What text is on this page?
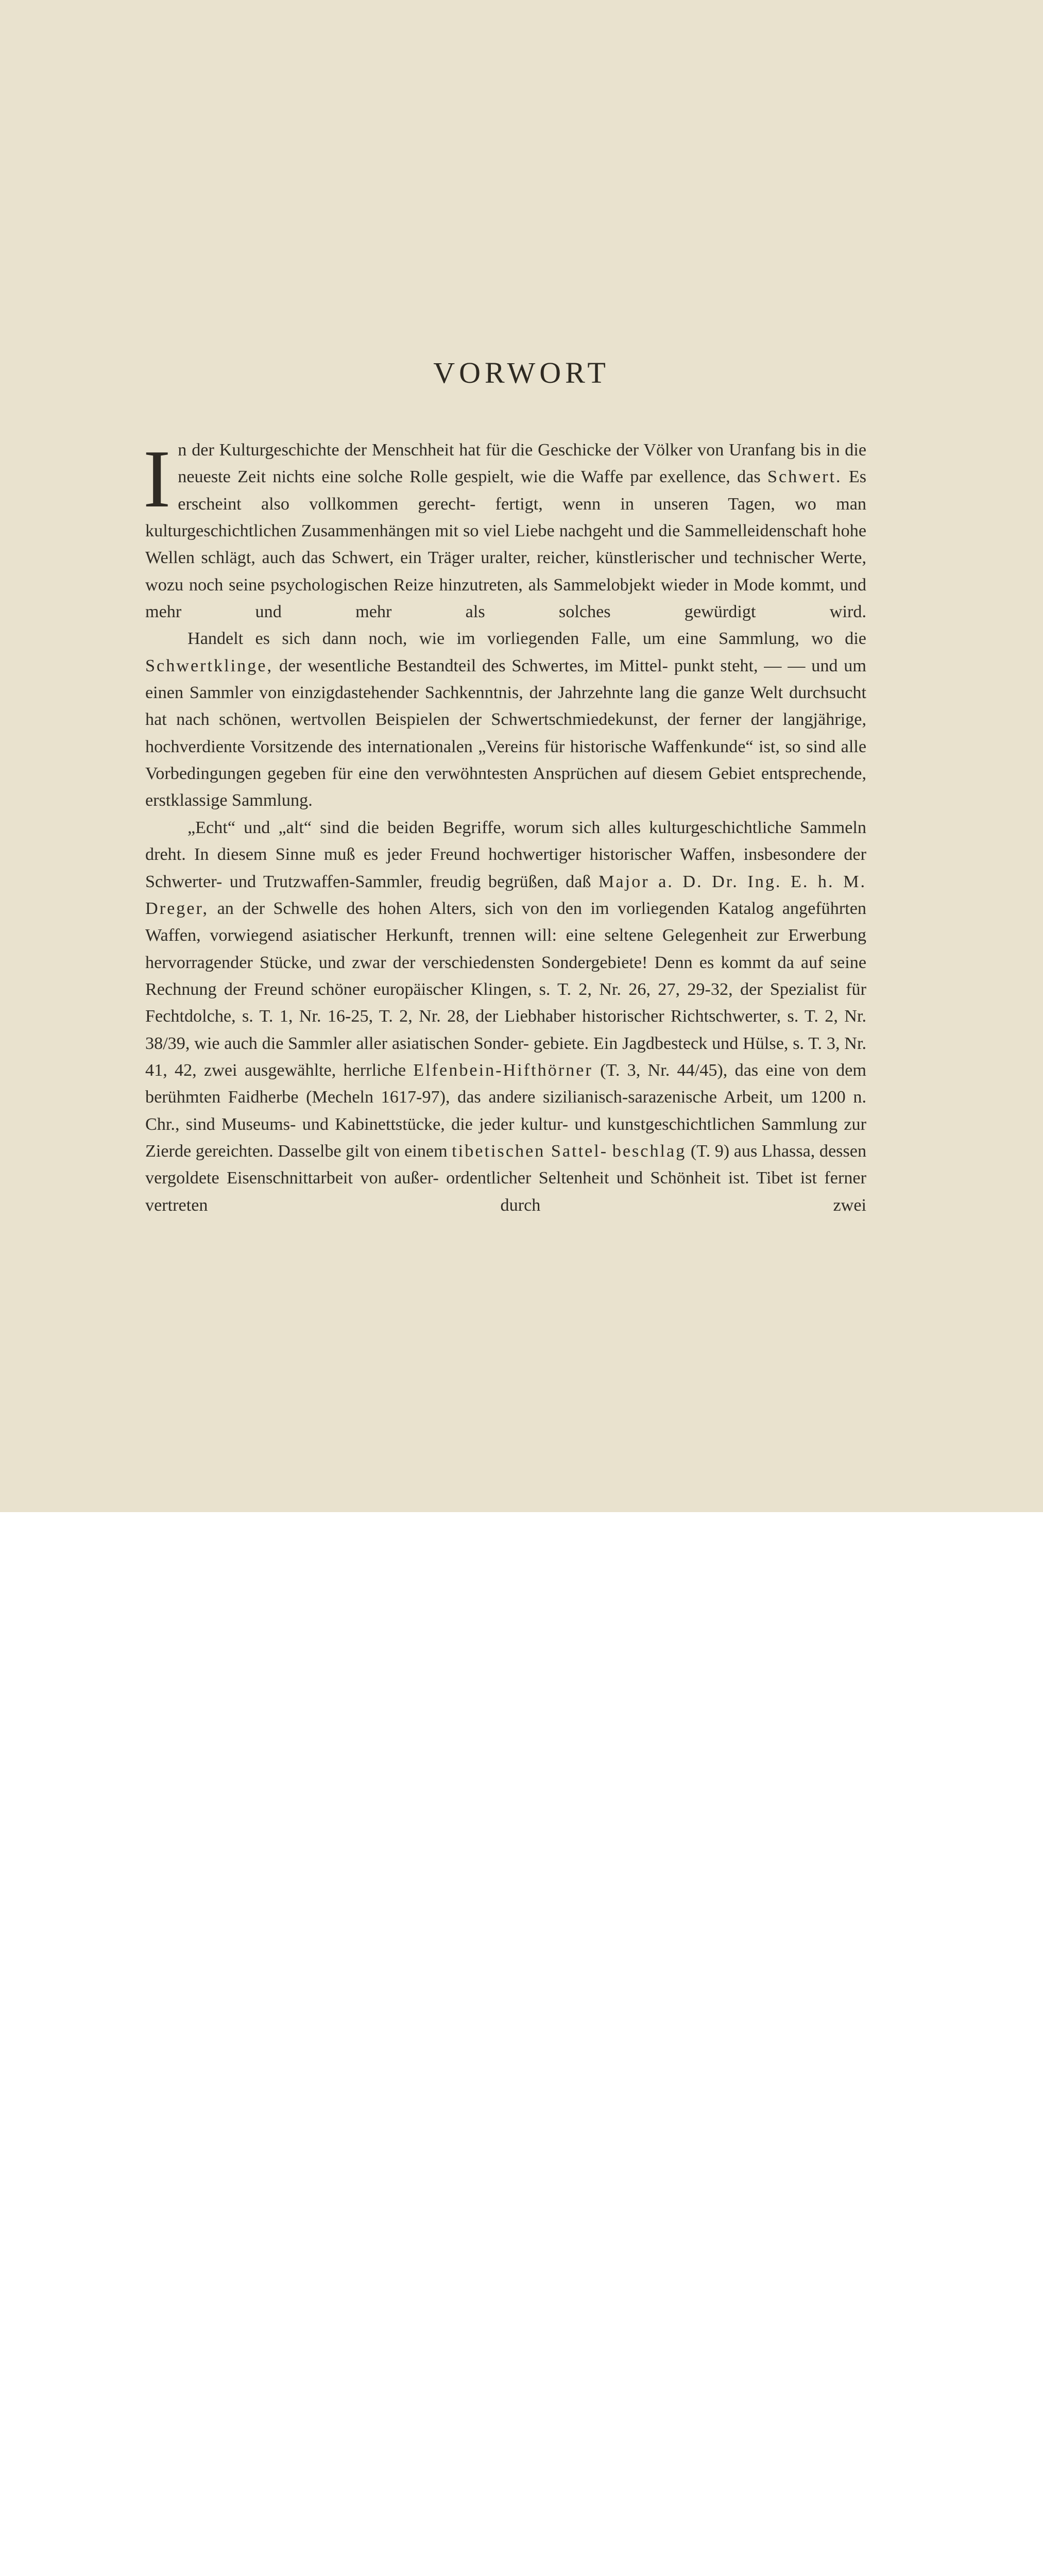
VORWORT

I n der Kulturgeschichte der Menschheit hat für die Geschicke der Völker von Uranfang bis in die neueste Zeit nichts eine solche Rolle gespielt, wie die Waffe par exellence, das Schwert. Es erscheint also vollkommen gerecht- fertigt, wenn in unseren Tagen, wo man kulturgeschichtlichen Zusammenhängen mit so viel Liebe nachgeht und die Sammelleidenschaft hohe Wellen schlägt, auch das Schwert, ein Träger uralter, reicher, künstlerischer und technischer Werte, wozu noch seine psychologischen Reize hinzutreten, als Sammelobjekt wieder in Mode kommt, und mehr und mehr als solches gewürdigt wird.

Handelt es sich dann noch, wie im vorliegenden Falle, um eine Sammlung, wo die Schwertklinge, der wesentliche Bestandteil des Schwertes, im Mittel- punkt steht, — — und um einen Sammler von einzigdastehender Sachkenntnis, der Jahrzehnte lang die ganze Welt durchsucht hat nach schönen, wertvollen Beispielen der Schwertschmiedekunst, der ferner der langjährige, hochverdiente Vorsitzende des internationalen „Vereins für historische Waffenkunde“ ist, so sind alle Vorbedingungen gegeben für eine den verwöhntesten Ansprüchen auf diesem Gebiet entsprechende, erstklassige Sammlung.

„Echt“ und „alt“ sind die beiden Begriffe, worum sich alles kulturgeschichtliche Sammeln dreht. In diesem Sinne muß es jeder Freund hochwertiger historischer Waffen, insbesondere der Schwerter- und Trutzwaffen-Sammler, freudig begrüßen, daß Major a. D. Dr. Ing. E. h. M. Dreger, an der Schwelle des hohen Alters, sich von den im vorliegenden Katalog angeführten Waffen, vorwiegend asiatischer Herkunft, trennen will: eine seltene Gelegenheit zur Erwerbung hervorragender Stücke, und zwar der verschiedensten Sondergebiete! Denn es kommt da auf seine Rechnung der Freund schöner europäischer Klingen, s. T. 2, Nr. 26, 27, 29-32, der Spezialist für Fechtdolche, s. T. 1, Nr. 16-25, T. 2, Nr. 28, der Liebhaber historischer Richtschwerter, s. T. 2, Nr. 38/39, wie auch die Sammler aller asiatischen Sonder- gebiete. Ein Jagdbesteck und Hülse, s. T. 3, Nr. 41, 42, zwei ausgewählte, herrliche Elfenbein-Hifthörner (T. 3, Nr. 44/45), das eine von dem berühmten Faidherbe (Mecheln 1617-97), das andere sizilianisch-sarazenische Arbeit, um 1200 n. Chr., sind Museums- und Kabinettstücke, die jeder kultur- und kunstgeschichtlichen Sammlung zur Zierde gereichten. Dasselbe gilt von einem tibetischen Sattel- beschlag (T. 9) aus Lhassa, dessen vergoldete Eisenschnittarbeit von außer- ordentlicher Seltenheit und Schönheit ist. Tibet ist ferner vertreten durch zwei
